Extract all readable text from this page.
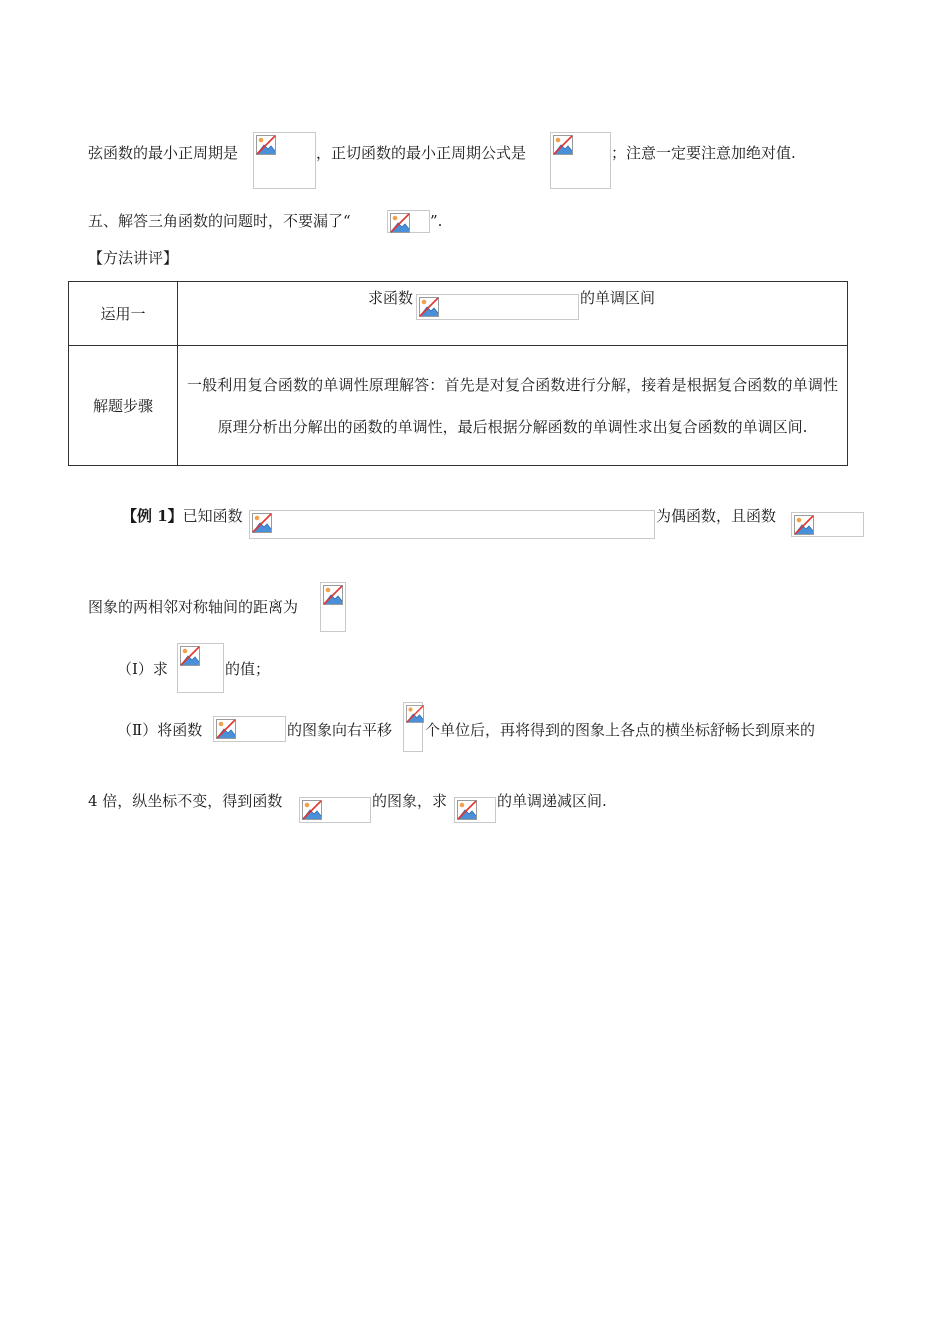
弦函数的最小正周期是	，正切函数的最小正周期公式是	；注意一定要注意加绝对值.
五、解答三角函数的问题时，不要漏了“	”.
【方法讲评】
运用一	求函数 的单调区间

解题步骤	一般利用复合函数的单调性原理解答：首先是对复合函数进行分解，接着是根据复合函数的单调性原理分析出分解出的函数的单调性，最后根据分解函数的单调性求出复合函数的单调区间.
【例 1】已知函数	为偶函数，且函数
图象的两相邻对称轴间的距离为
（Ⅰ）求	的值；
（Ⅱ）将函数	的图象向右平移 个单位后，再将得到的图象上各点的横坐标舒畅长到原来的
4 倍，纵坐标不变，得到函数	的图象，求	的单调递减区间.
